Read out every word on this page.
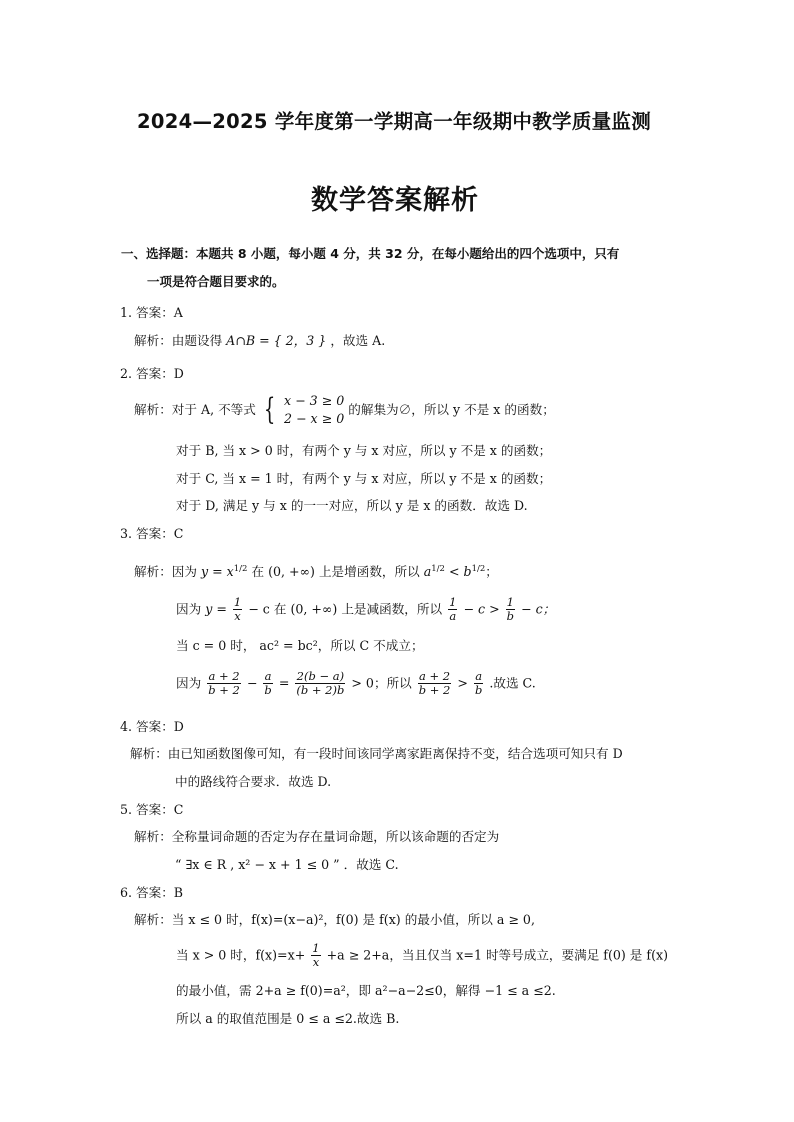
2024—2025 学年度第一学期高一年级期中教学质量监测
数学答案解析
一、选择题：本题共 8 小题，每小题 4 分，共 32 分，在每小题给出的四个选项中，只有
一项是符合题目要求的。
1. 答案：A
解析：由题设得 A∩B = { 2，3 } ，故选 A.
2. 答案：D
解析：对于 A, 不等式 { x − 3 ≥ 0
2 − x ≥ 0
的解集为∅，所以 y 不是 x 的函数；
对于 B, 当 x > 0 时，有两个 y 与 x 对应，所以 y 不是 x 的函数；
对于 C, 当 x = 1 时，有两个 y 与 x 对应，所以 y 不是 x 的函数；
对于 D, 满足 y 与 x 的一一对应，所以 y 是 x 的函数．故选 D.
3. 答案：C
解析：因为 $y = x^{1/2}$ 在 (0, +∞) 上是增函数，所以 $a^{1/2} < b^{1/2}$；
因为 $y = \frac{1}{x} - c$ 在 (0, +∞) 上是减函数，所以 $\frac{1}{a} - c > \frac{1}{b} - c$；
当 c = 0 时， ac² = bc²，所以 C 不成立；
因为 $\frac{a + 2}{b + 2} - \frac{a}{b} = \frac{2(b - a)}{(b + 2)b} > 0$；所以 $\frac{a + 2}{b + 2} > \frac{a}{b}$ .故选 C.
4. 答案：D
解析：由已知函数图像可知，有一段时间该同学离家距离保持不变，结合选项可知只有 D
中的路线符合要求．故选 D.
5. 答案：C
解析：全称量词命题的否定为存在量词命题，所以该命题的否定为
“ ∃x ∈ R , x² − x + 1 ≤ 0 ” ．故选 C.
6. 答案：B
解析：当 x ≤ 0 时，f(x)=(x−a)²，f(0) 是 f(x) 的最小值，所以 a ≥ 0,
当 x > 0 时，$f(x)=x+ \frac{1}{x} +a \ge 2+a$，当且仅当 x=1 时等号成立，要满足 f(0) 是 f(x)
的最小值，需 2+a ≥ f(0)=a²，即 a²−a−2≤0，解得 −1 ≤ a ≤2.
所以 a 的取值范围是 0 ≤ a ≤2.故选 B.
